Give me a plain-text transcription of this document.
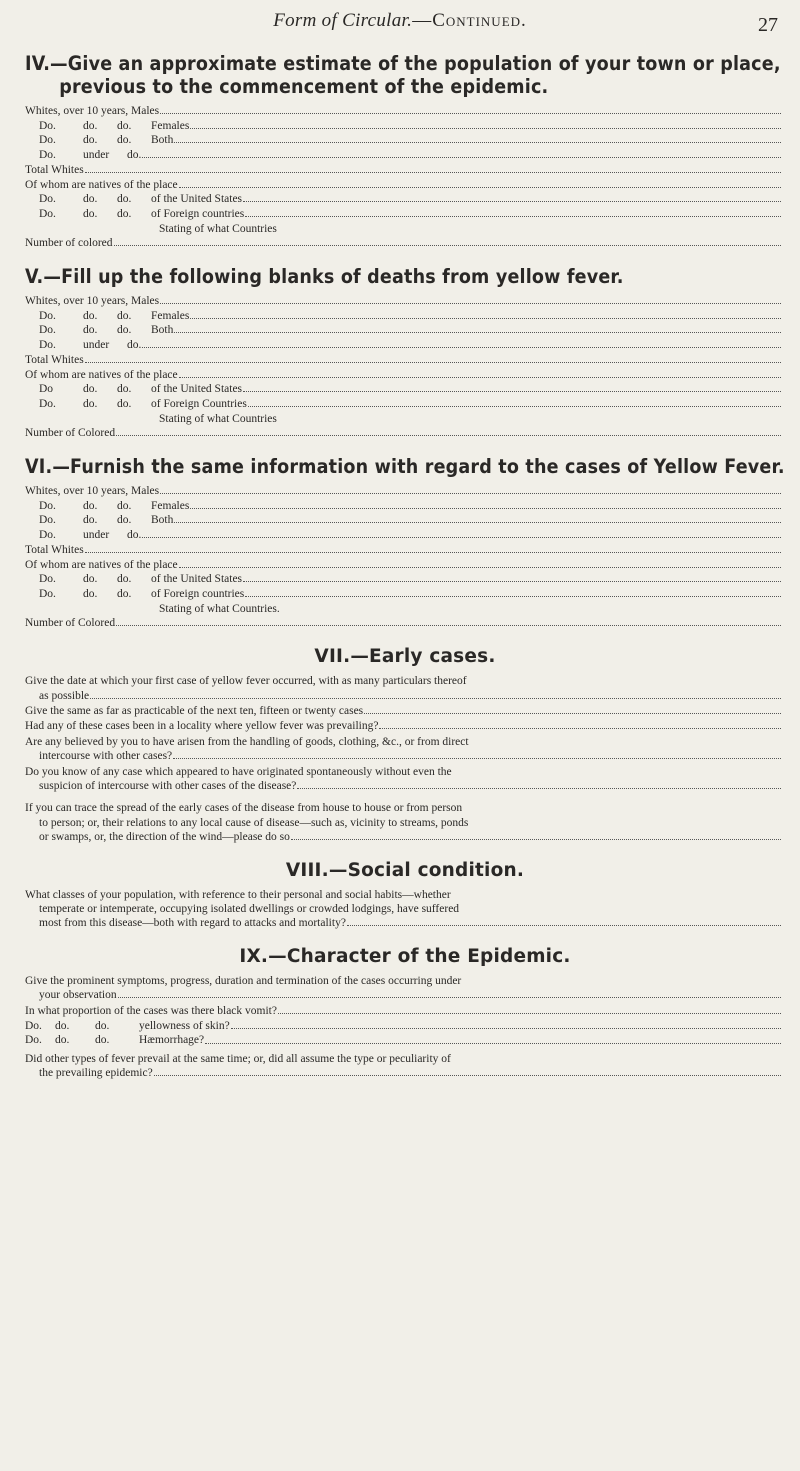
Form of Circular.—Continued.	27
IV.—Give an approximate estimate of the population of your town or place, previous to the commencement of the epidemic.
Whites, over 10 years, Males
Do. do. do. Females
Do. do. do. Both
Do. under do.
Total Whites
Of whom are natives of the place
Do. do. do. of the United States
Do. do. do. of Foreign countries
Stating of what Countries
Number of colored
V.—Fill up the following blanks of deaths from yellow fever.
Whites, over 10 years, Males
Do. do. do. Females
Do. do. do. Both
Do. under do.
Total Whites
Of whom are natives of the place
Do	do. do. of the United States
Do. do. do. of Foreign Countries
Stating of what Countries
Number of Colored
VI.—Furnish the same information with regard to the cases of Yellow Fever.
Whites, over 10 years, Males
Do. do. do. Females
Do. do. do. Both
Do. under do.
Total Whites
Of whom are natives of the place
Do. do. do. of the United States
Do. do. do. of Foreign countries
Stating of what Countries.
Number of Colored
VII.—Early cases.
Give the date at which your first case of yellow fever occurred, with as many particulars thereof
as possible
Give the same as far as practicable of the next ten, fifteen or twenty cases
Had any of these cases been in a locality where yellow fever was prevailing?
Are any believed by you to have arisen from the handling of goods, clothing, &c., or from direct
intercourse with other cases?
Do you know of any case which appeared to have originated spontaneously without even the
suspicion of intercourse with other cases of the disease?
If you can trace the spread of the early cases of the disease from house to house or from person
to person; or, their relations to any local cause of disease—such as, vicinity to streams, ponds
or swamps, or, the direction of the wind—please do so
VIII.—Social condition.
What classes of your population, with reference to their personal and social habits—whether
temperate or intemperate, occupying isolated dwellings or crowded lodgings, have suffered
most from this disease—both with regard to attacks and mortality?
IX.—Character of the Epidemic.
Give the prominent symptoms, progress, duration and termination of the cases occurring under
your observation
In what proportion of the cases was there black vomit?
Do.	do.	do.	yellowness of skin?
Do.	do.	do.	Hæmorrhage?
Did other types of fever prevail at the same time; or, did all assume the type or peculiarity of
the prevailing epidemic?
